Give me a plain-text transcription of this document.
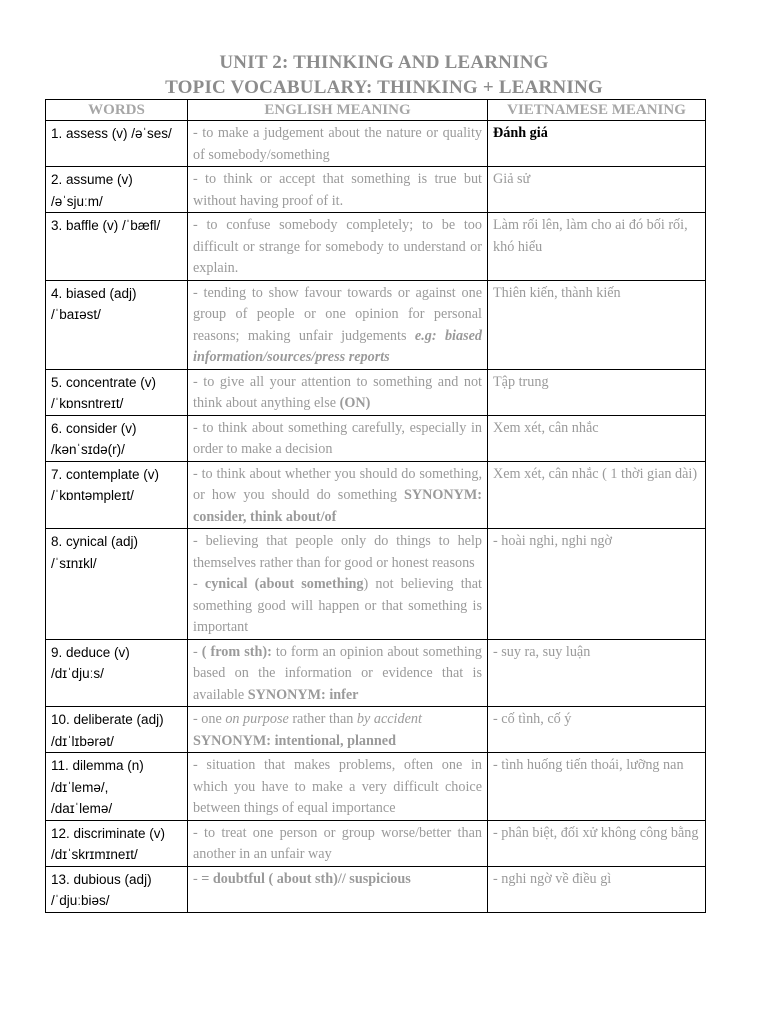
UNIT 2: THINKING AND LEARNING
TOPIC VOCABULARY: THINKING + LEARNING
WORDS	ENGLISH MEANING	VIETNAMESE MEANING

1. assess (v) /əˈses/	- to make a judgement about the nature or quality of somebody/something	Đánh giá

2. assume (v)
/əˈsjuːm/	- to think or accept that something is true but without having proof of it.	Giả sử

3. baffle (v) /ˈbæfl/	- to confuse somebody completely; to be too difficult or strange for somebody to understand or explain.	Làm rối lên, làm cho ai đó bối rối, khó hiểu

4. biased (adj)
/ˈbaɪəst/	- tending to show favour towards or against one group of people or one opinion for personal reasons; making unfair judgements e.g: biased information/sources/press reports	Thiên kiến, thành kiến

5. concentrate (v)
/ˈkɒnsntreɪt/	- to give all your attention to something and not think about anything else (ON)	Tập trung

6. consider (v)
/kənˈsɪdə(r)/	- to think about something carefully, especially in order to make a decision	Xem xét, cân nhắc

7. contemplate (v)
/ˈkɒntəmpleɪt/	- to think about whether you should do something, or how you should do something SYNONYM: consider, think about/of	Xem xét, cân nhắc ( 1 thời gian dài)

8. cynical (adj)
/ˈsɪnɪkl/	- believing that people only do things to help themselves rather than for good or honest reasons
- cynical (about something) not believing that something good will happen or that something is important	- hoài nghi, nghi ngờ

9. deduce (v)
/dɪˈdjuːs/	- ( from sth): to form an opinion about something based on the information or evidence that is available SYNONYM: infer	- suy ra, suy luận

10. deliberate (adj)
/dɪˈlɪbərət/	- one on purpose rather than by accident
SYNONYM: intentional, planned	- cố tình, cố ý

11. dilemma (n)
/dɪˈlemə/,
/daɪˈlemə/	- situation that makes problems, often one in which you have to make a very difficult choice between things of equal importance	- tình huống tiến thoái, lưỡng nan

12. discriminate (v)
/dɪˈskrɪmɪneɪt/	- to treat one person or group worse/better than another in an unfair way	- phân biệt, đối xử không công bằng

13. dubious (adj)
/ˈdjuːbiəs/	- = doubtful ( about sth)// suspicious	- nghi ngờ về điều gì
